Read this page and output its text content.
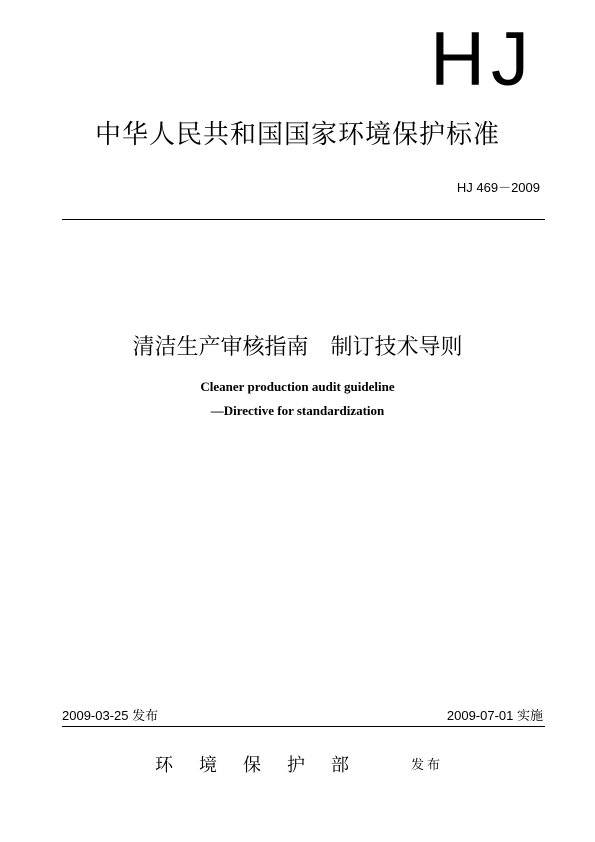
HJ
中华人民共和国国家环境保护标准
HJ 469－2009
清洁生产审核指南　制订技术导则
Cleaner production audit guideline
—Directive for standardization
2009-03-25 发布	2009-07-01 实施
环境保护部	发布
